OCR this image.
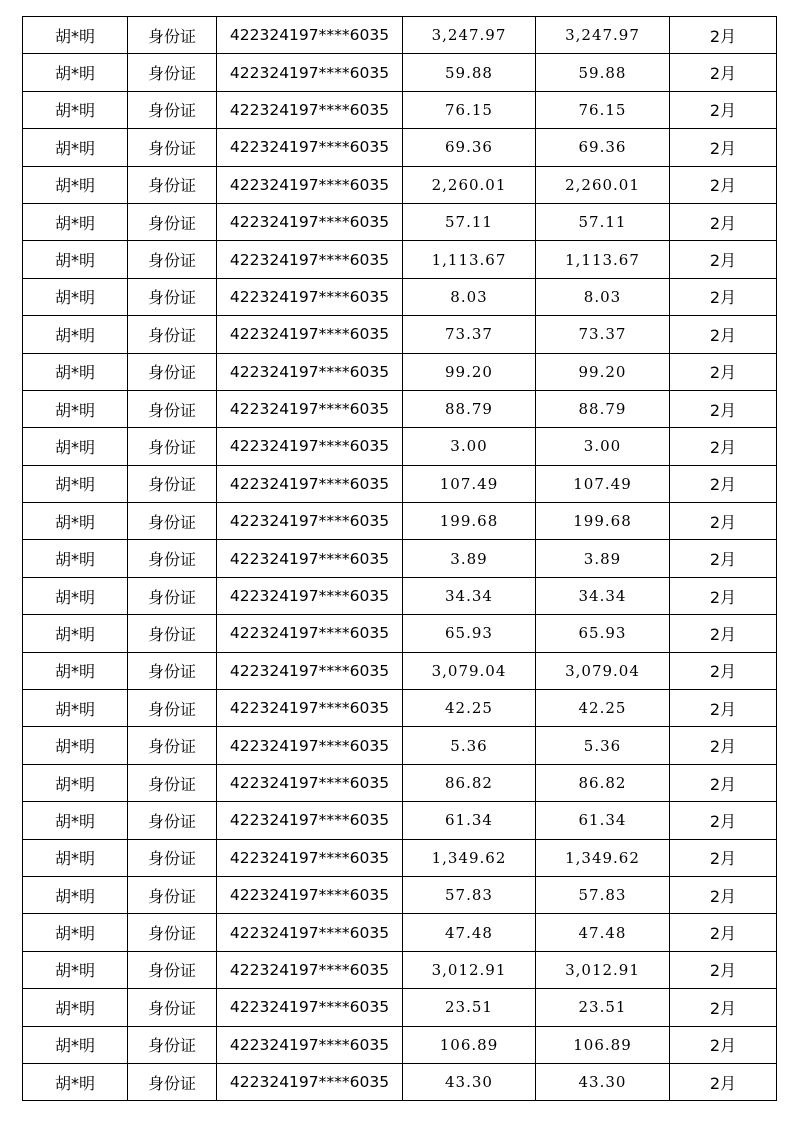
胡*明	身份证	422324197****6035	3,247.97	3,247.97	2月
胡*明	身份证	422324197****6035	59.88	59.88	2月
胡*明	身份证	422324197****6035	76.15	76.15	2月
胡*明	身份证	422324197****6035	69.36	69.36	2月
胡*明	身份证	422324197****6035	2,260.01	2,260.01	2月
胡*明	身份证	422324197****6035	57.11	57.11	2月
胡*明	身份证	422324197****6035	1,113.67	1,113.67	2月
胡*明	身份证	422324197****6035	8.03	8.03	2月
胡*明	身份证	422324197****6035	73.37	73.37	2月
胡*明	身份证	422324197****6035	99.20	99.20	2月
胡*明	身份证	422324197****6035	88.79	88.79	2月
胡*明	身份证	422324197****6035	3.00	3.00	2月
胡*明	身份证	422324197****6035	107.49	107.49	2月
胡*明	身份证	422324197****6035	199.68	199.68	2月
胡*明	身份证	422324197****6035	3.89	3.89	2月
胡*明	身份证	422324197****6035	34.34	34.34	2月
胡*明	身份证	422324197****6035	65.93	65.93	2月
胡*明	身份证	422324197****6035	3,079.04	3,079.04	2月
胡*明	身份证	422324197****6035	42.25	42.25	2月
胡*明	身份证	422324197****6035	5.36	5.36	2月
胡*明	身份证	422324197****6035	86.82	86.82	2月
胡*明	身份证	422324197****6035	61.34	61.34	2月
胡*明	身份证	422324197****6035	1,349.62	1,349.62	2月
胡*明	身份证	422324197****6035	57.83	57.83	2月
胡*明	身份证	422324197****6035	47.48	47.48	2月
胡*明	身份证	422324197****6035	3,012.91	3,012.91	2月
胡*明	身份证	422324197****6035	23.51	23.51	2月
胡*明	身份证	422324197****6035	106.89	106.89	2月
胡*明	身份证	422324197****6035	43.30	43.30	2月
